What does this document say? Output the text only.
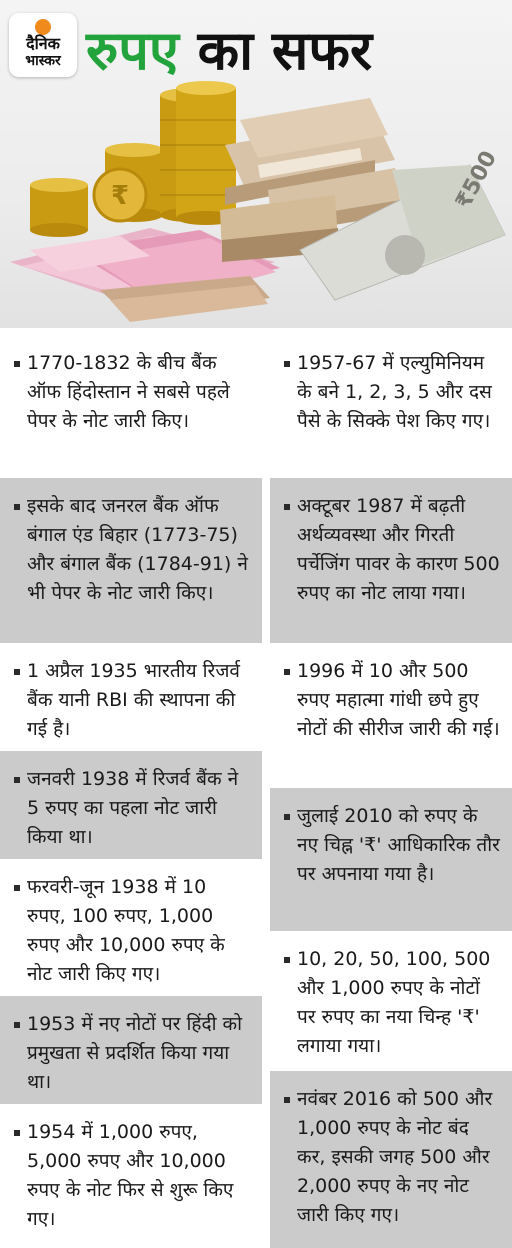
₹	₹500
दैनिक
भास्कर रुपए का सफर
1770-1832 के बीच बैंक ऑफ हिंदोस्तान ने सबसे पहले पेपर के नोट जारी किए।
इसके बाद जनरल बैंक ऑफ बंगाल एंड बिहार (1773-75) और बंगाल बैंक (1784-91) ने भी पेपर के नोट जारी किए।
1 अप्रैल 1935 भारतीय रिजर्व बैंक यानी RBI की स्थापना की गई है।
जनवरी 1938 में रिजर्व बैंक ने 5 रुपए का पहला नोट जारी किया था।
फरवरी-जून 1938 में 10 रुपए, 100 रुपए, 1,000 रुपए और 10,000 रुपए के नोट जारी किए गए।
1953 में नए नोटों पर हिंदी को प्रमुखता से प्रदर्शित किया गया था।
1954 में 1,000 रुपए, 5,000 रुपए और 10,000 रुपए के नोट फिर से शुरू किए गए।
1957-67 में एल्युमिनियम के बने 1, 2, 3, 5 और दस पैसे के सिक्के पेश किए गए।
अक्टूबर 1987 में बढ़ती अर्थव्यवस्था और गिरती पर्चेजिंग पावर के कारण 500 रुपए का नोट लाया गया।
1996 में 10 और 500 रुपए महात्मा गांधी छपे हुए नोटों की सीरीज जारी की गई।
जुलाई 2010 को रुपए के नए चिह्न '₹' आधिकारिक तौर पर अपनाया गया है।
10, 20, 50, 100, 500 और 1,000 रुपए के नोटों पर रुपए का नया चिन्ह '₹' लगाया गया।
नवंबर 2016 को 500 और 1,000 रुपए के नोट बंद कर, इसकी जगह 500 और 2,000 रुपए के नए नोट जारी किए गए।
